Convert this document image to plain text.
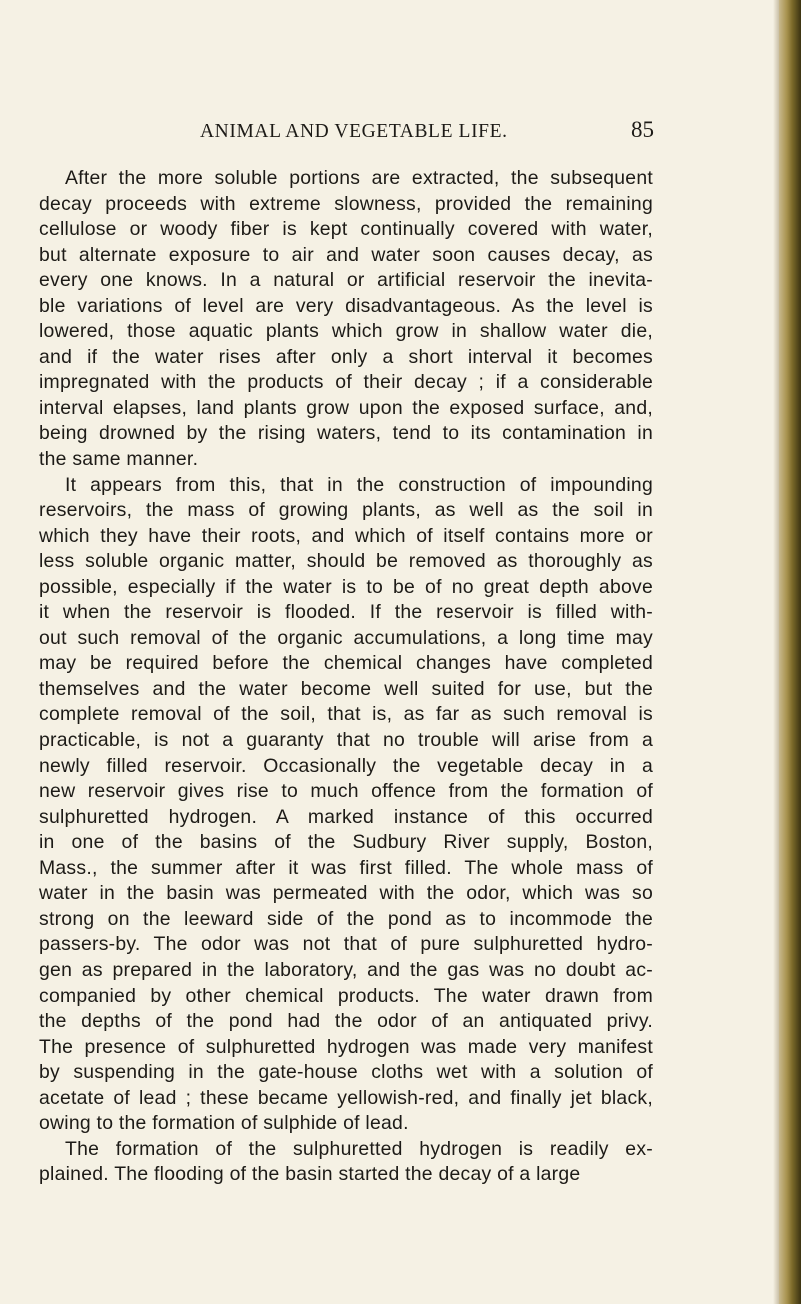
ANIMAL AND VEGETABLE LIFE.	85
After the more soluble portions are extracted, the subsequent
decay proceeds with extreme slowness, provided the remaining
cellulose or woody fiber is kept continually covered with water,
but alternate exposure to air and water soon causes decay, as
every one knows. In a natural or artificial reservoir the inevita-
ble variations of level are very disadvantageous. As the level is
lowered, those aquatic plants which grow in shallow water die,
and if the water rises after only a short interval it becomes
impregnated with the products of their decay ; if a considerable
interval elapses, land plants grow upon the exposed surface, and,
being drowned by the rising waters, tend to its contamination in
the same manner.
It appears from this, that in the construction of impounding
reservoirs, the mass of growing plants, as well as the soil in
which they have their roots, and which of itself contains more or
less soluble organic matter, should be removed as thoroughly as
possible, especially if the water is to be of no great depth above
it when the reservoir is flooded. If the reservoir is filled with-
out such removal of the organic accumulations, a long time may
may be required before the chemical changes have completed
themselves and the water become well suited for use, but the
complete removal of the soil, that is, as far as such removal is
practicable, is not a guaranty that no trouble will arise from a
newly filled reservoir. Occasionally the vegetable decay in a
new reservoir gives rise to much offence from the formation of
sulphuretted hydrogen. A marked instance of this occurred
in one of the basins of the Sudbury River supply, Boston,
Mass., the summer after it was first filled. The whole mass of
water in the basin was permeated with the odor, which was so
strong on the leeward side of the pond as to incommode the
passers-by. The odor was not that of pure sulphuretted hydro-
gen as prepared in the laboratory, and the gas was no doubt ac-
companied by other chemical products. The water drawn from
the depths of the pond had the odor of an antiquated privy.
The presence of sulphuretted hydrogen was made very manifest
by suspending in the gate-house cloths wet with a solution of
acetate of lead ; these became yellowish-red, and finally jet black,
owing to the formation of sulphide of lead.
The formation of the sulphuretted hydrogen is readily ex-
plained. The flooding of the basin started the decay of a large
